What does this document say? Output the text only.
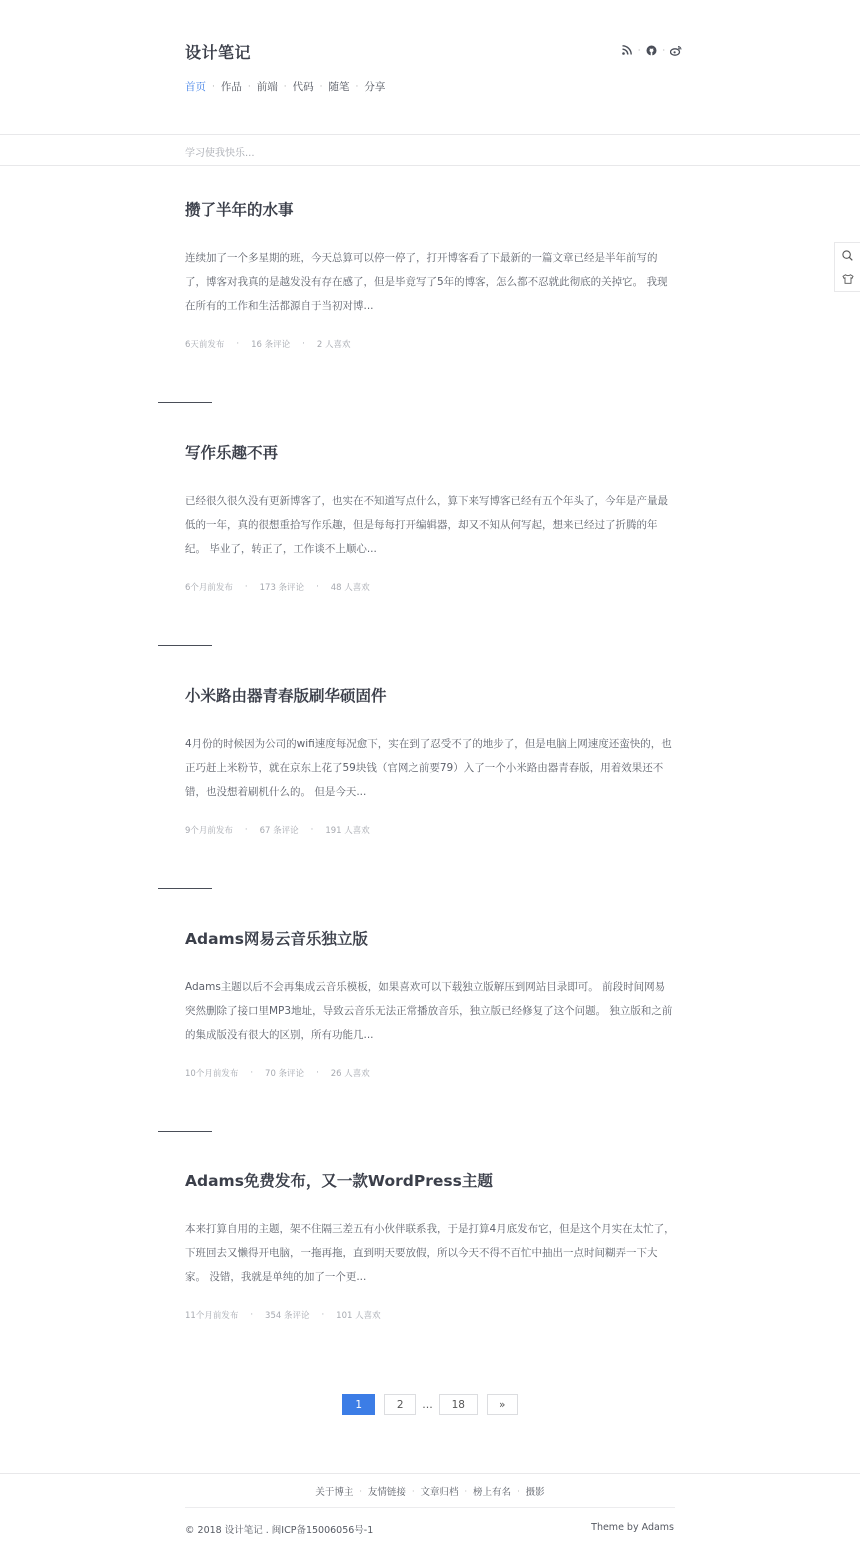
设计笔记	·	·
首页 · 作品 · 前端 · 代码 · 随笔 · 分享
学习使我快乐...
攒了半年的水事

连续加了一个多星期的班，今天总算可以停一停了，打开博客看了下最新的一篇文章已经是半年前写的了，博客对我真的是越发没有存在感了，但是毕竟写了5年的博客，怎么都不忍就此彻底的关掉它。 我现在所有的工作和生活都源自于当初对博...

6天前发布 · 16 条评论 · 2 人喜欢
写作乐趣不再

已经很久很久没有更新博客了，也实在不知道写点什么，算下来写博客已经有五个年头了，今年是产量最低的一年，真的很想重拾写作乐趣，但是每每打开编辑器，却又不知从何写起，想来已经过了折腾的年纪。 毕业了，转正了，工作谈不上顺心...

6个月前发布 · 173 条评论 · 48 人喜欢
小米路由器青春版刷华硕固件

4月份的时候因为公司的wifi速度每况愈下，实在到了忍受不了的地步了，但是电脑上网速度还蛮快的，也正巧赶上米粉节，就在京东上花了59块钱（官网之前要79）入了一个小米路由器青春版，用着效果还不错，也没想着刷机什么的。 但是今天...

9个月前发布 · 67 条评论 · 191 人喜欢
Adams网易云音乐独立版

Adams主题以后不会再集成云音乐模板，如果喜欢可以下载独立版解压到网站目录即可。 前段时间网易突然删除了接口里MP3地址，导致云音乐无法正常播放音乐，独立版已经修复了这个问题。 独立版和之前的集成版没有很大的区别，所有功能几...

10个月前发布 · 70 条评论 · 26 人喜欢
Adams免费发布，又一款WordPress主题

本来打算自用的主题，架不住隔三差五有小伙伴联系我，于是打算4月底发布它，但是这个月实在太忙了，下班回去又懒得开电脑，一拖再拖，直到明天要放假，所以今天不得不百忙中抽出一点时间糊弄一下大家。 没错，我就是单纯的加了一个更...

11个月前发布 · 354 条评论 · 101 人喜欢
1	2	...	18	»
关于博主 · 友情链接 · 文章归档 · 榜上有名 · 摄影
© 2018 设计笔记 . 闽ICP备15006056号-1	Theme by Adams
